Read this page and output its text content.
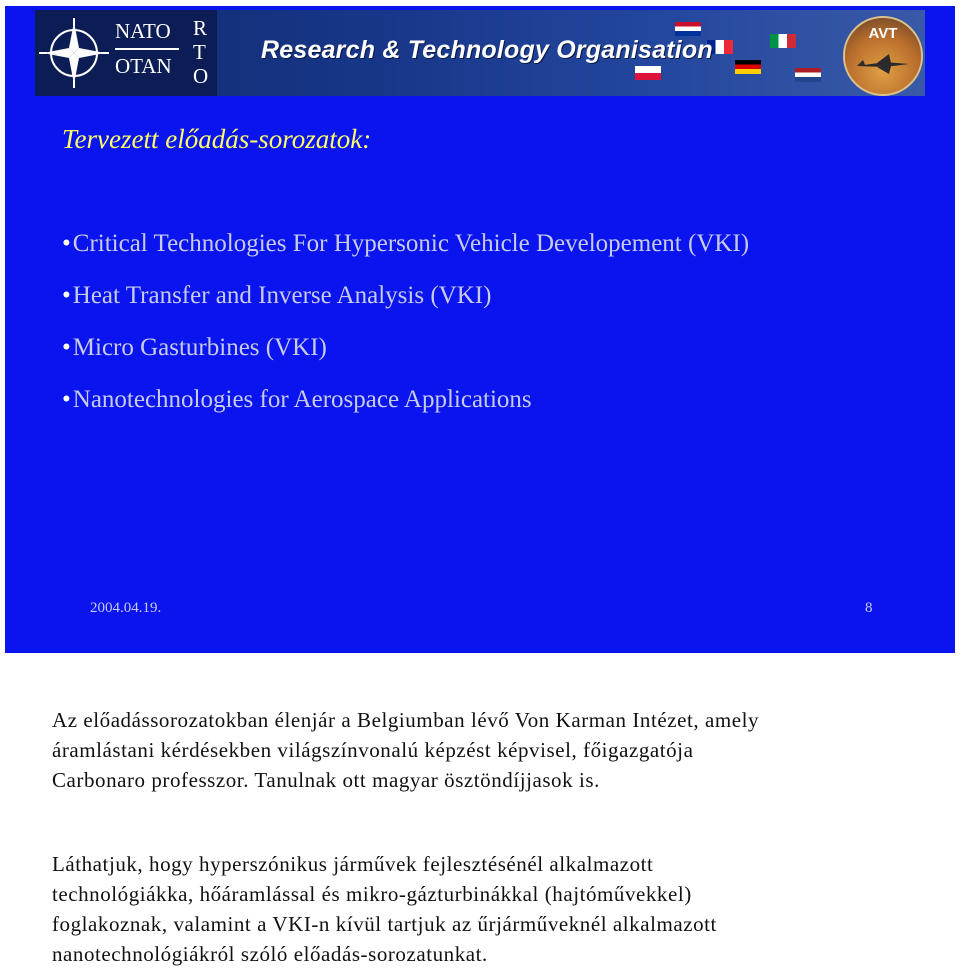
NATO
OTAN
R
T
O
Research & Technology Organisation
AVT
Tervezett előadás-sorozatok:
•Critical Technologies For Hypersonic Vehicle Developement (VKI)
•Heat Transfer and Inverse Analysis (VKI)
•Micro Gasturbines (VKI)
•Nanotechnologies for Aerospace Applications
2004.04.19.	8

Az előadássorozatokban élenjár a Belgiumban lévő Von Karman Intézet, amely
áramlástani kérdésekben világszínvonalú képzést képvisel, főigazgatója
Carbonaro professzor. Tanulnak ott magyar ösztöndíjjasok is.

Láthatjuk, hogy hyperszónikus járművek fejlesztésénél alkalmazott
technológiákka, hőáramlással és mikro-gázturbinákkal (hajtóművekkel)
foglakoznak, valamint a VKI-n kívül tartjuk az űrjárműveknél alkalmazott
nanotechnológiákról szóló előadás-sorozatunkat.
